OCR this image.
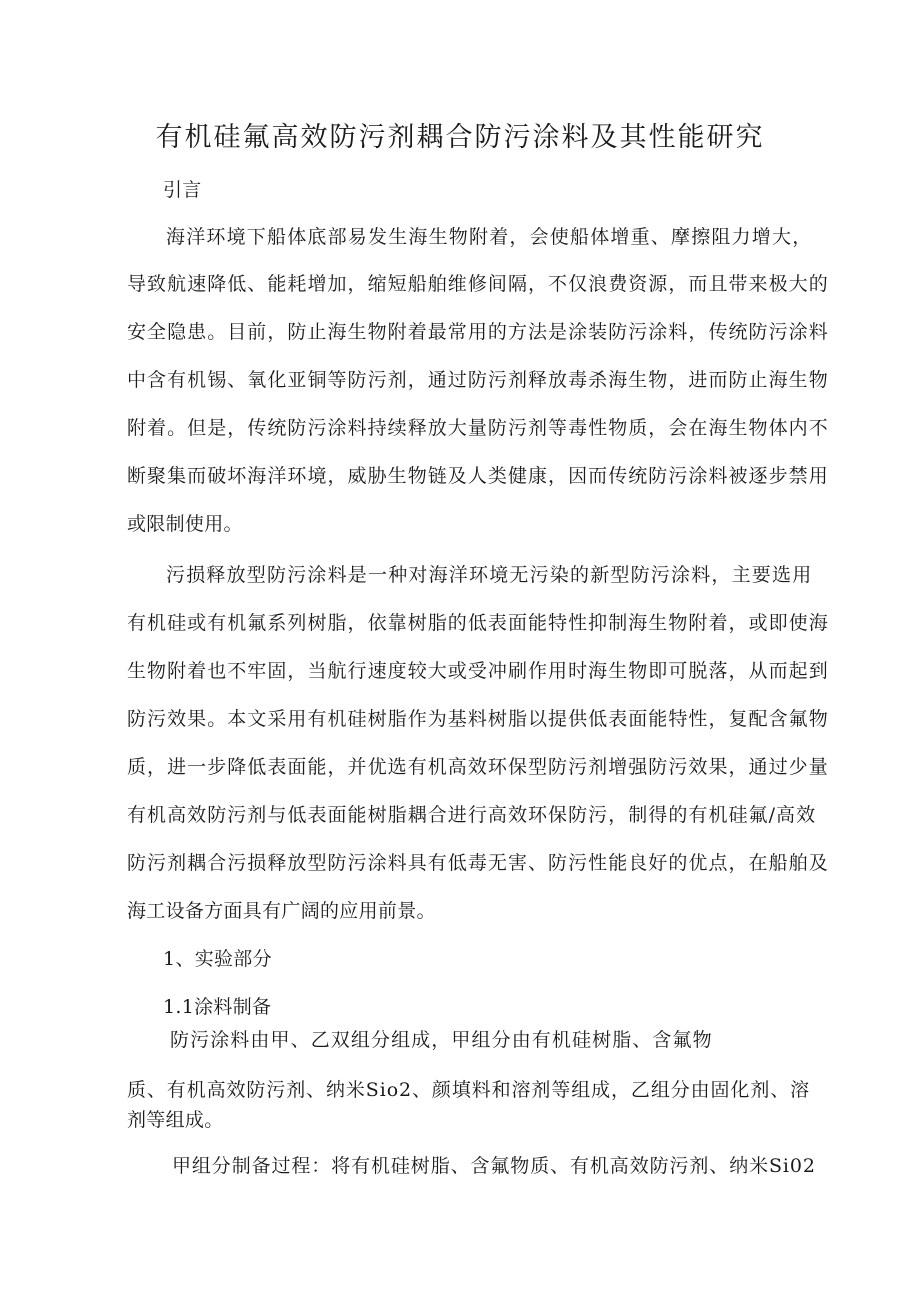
有机硅氟高效防污剂耦合防污涂料及其性能研究
引言
海洋环境下船体底部易发生海生物附着，会使船体增重、摩擦阻力增大，
导致航速降低、能耗增加，缩短船舶维修间隔，不仅浪费资源，而且带来极大的
安全隐患。目前，防止海生物附着最常用的方法是涂装防污涂料，传统防污涂料
中含有机锡、氧化亚铜等防污剂，通过防污剂释放毒杀海生物，进而防止海生物
附着。但是，传统防污涂料持续释放大量防污剂等毒性物质，会在海生物体内不
断聚集而破坏海洋环境，威胁生物链及人类健康，因而传统防污涂料被逐步禁用
或限制使用。
污损释放型防污涂料是一种对海洋环境无污染的新型防污涂料，主要选用
有机硅或有机氟系列树脂，依靠树脂的低表面能特性抑制海生物附着，或即使海
生物附着也不牢固，当航行速度较大或受冲刷作用时海生物即可脱落，从而起到
防污效果。本文采用有机硅树脂作为基料树脂以提供低表面能特性，复配含氟物
质，进一步降低表面能，并优选有机高效环保型防污剂增强防污效果，通过少量
有机高效防污剂与低表面能树脂耦合进行高效环保防污，制得的有机硅氟/高效
防污剂耦合污损释放型防污涂料具有低毒无害、防污性能良好的优点，在船舶及
海工设备方面具有广阔的应用前景。
1、实验部分
1.1涂料制备
防污涂料由甲、乙双组分组成，甲组分由有机硅树脂、含氟物
质、有机高效防污剂、纳米Sio2、颜填料和溶剂等组成，乙组分由固化剂、溶
剂等组成。
甲组分制备过程：将有机硅树脂、含氟物质、有机高效防污剂、纳米Si02
